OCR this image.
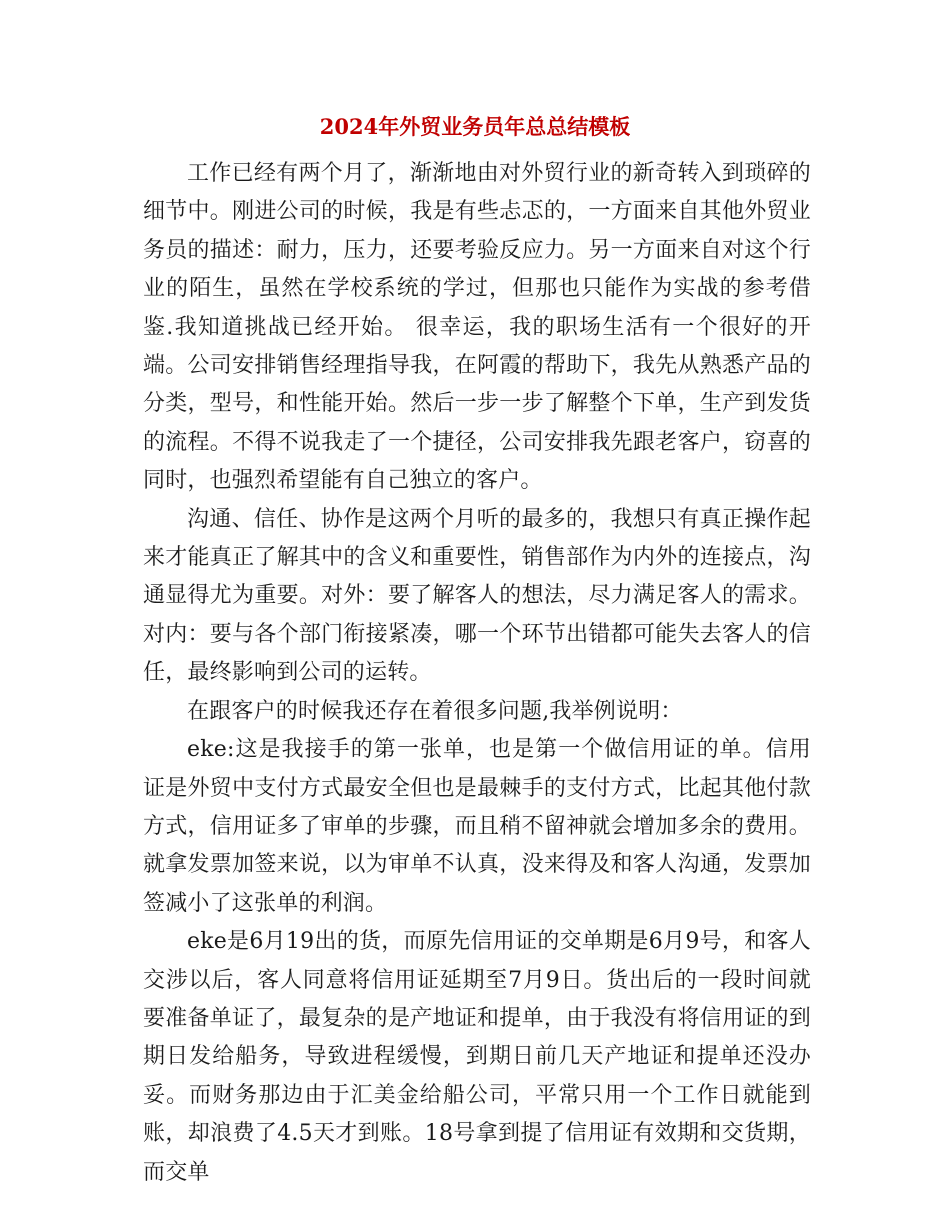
2024年外贸业务员年总总结模板

工作已经有两个月了，渐渐地由对外贸行业的新奇转入到琐碎的细节中。刚进公司的时候，我是有些忐忑的，一方面来自其他外贸业务员的描述：耐力，压力，还要考验反应力。另一方面来自对这个行业的陌生，虽然在学校系统的学过，但那也只能作为实战的参考借鉴.我知道挑战已经开始。 很幸运，我的职场生活有一个很好的开端。公司安排销售经理指导我，在阿霞的帮助下，我先从熟悉产品的分类，型号，和性能开始。然后一步一步了解整个下单，生产到发货的流程。不得不说我走了一个捷径，公司安排我先跟老客户，窃喜的同时，也强烈希望能有自己独立的客户。

沟通、信任、协作是这两个月听的最多的，我想只有真正操作起来才能真正了解其中的含义和重要性，销售部作为内外的连接点，沟通显得尤为重要。对外：要了解客人的想法，尽力满足客人的需求。对内：要与各个部门衔接紧凑，哪一个环节出错都可能失去客人的信任，最终影响到公司的运转。

在跟客户的时候我还存在着很多问题,我举例说明：

eke:这是我接手的第一张单，也是第一个做信用证的单。信用证是外贸中支付方式最安全但也是最棘手的支付方式，比起其他付款方式，信用证多了审单的步骤，而且稍不留神就会增加多余的费用。就拿发票加签来说，以为审单不认真，没来得及和客人沟通，发票加签减小了这张单的利润。

eke是6月19出的货，而原先信用证的交单期是6月9号，和客人交涉以后，客人同意将信用证延期至7月9日。货出后的一段时间就要准备单证了，最复杂的是产地证和提单，由于我没有将信用证的到期日发给船务，导致进程缓慢，到期日前几天产地证和提单还没办妥。而财务那边由于汇美金给船公司，平常只用一个工作日就能到账，却浪费了4.5天才到账。18号拿到提了信用证有效期和交货期，而交单
